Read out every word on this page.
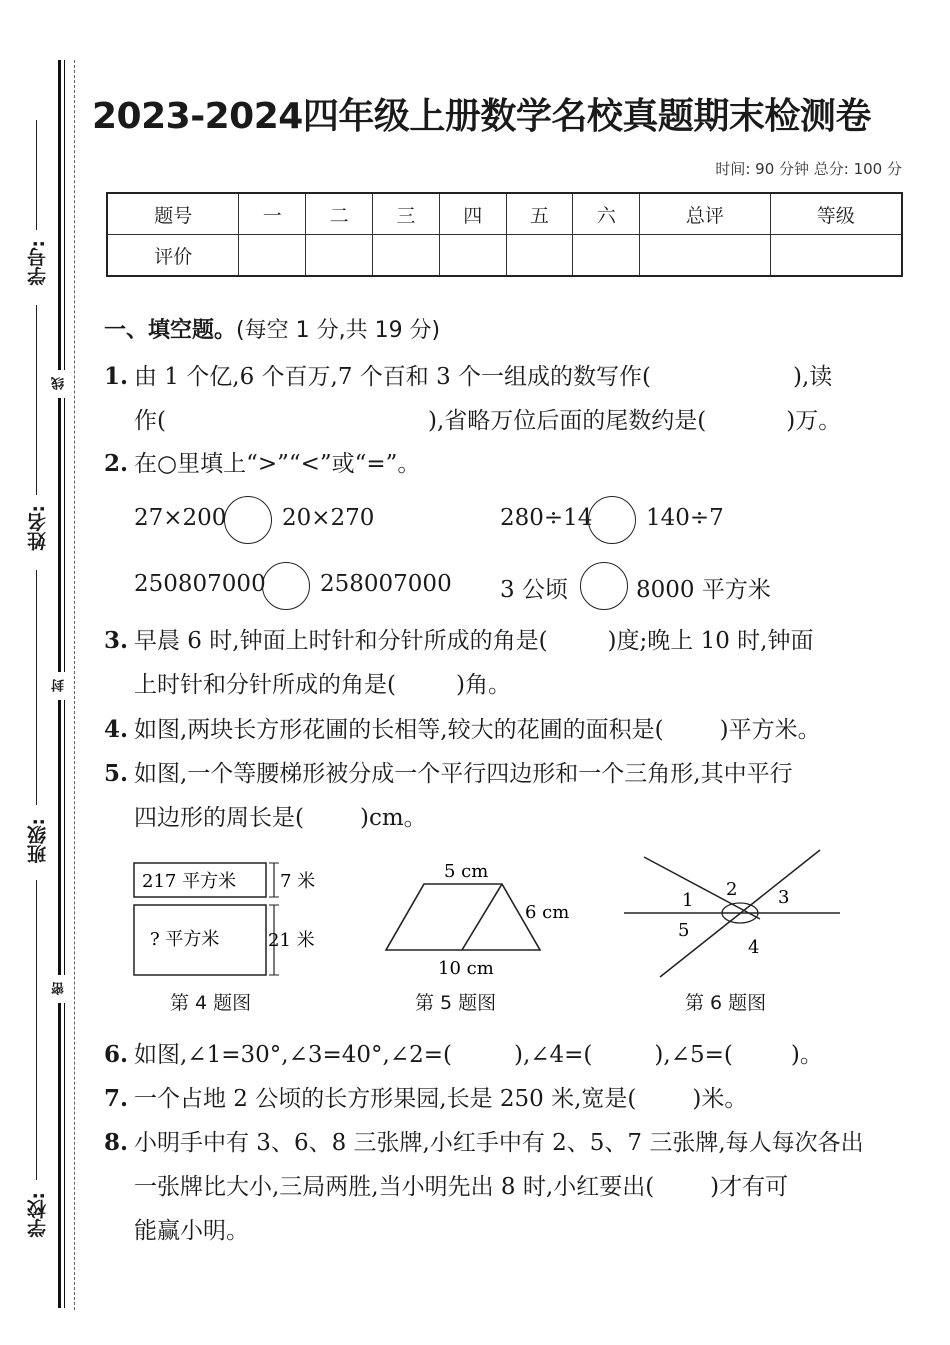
学号:
姓名:
班级:
学校:
线
封
密
2023-2024四年级上册数学名校真题期末检测卷
时间: 90 分钟 总分: 100 分
题号	一	二	三	四	五	六	总评	等级
评价								
一、填空题。(每空 1 分,共 19 分)
1. 由 1 个亿,6 个百万,7 个百和 3 个一组成的数写作(	),读
作(	),省略万位后面的尾数约是(	)万。
2. 在○里填上“>”“<”或“=”。
27×200 20×270	280÷14 140÷7
250807000 258007000 3 公顷	8000 平方米
3. 早晨 6 时,钟面上时针和分针所成的角是(	)度;晚上 10 时,钟面
上时针和分针所成的角是(	)角。
4. 如图,两块长方形花圃的长相等,较大的花圃的面积是( )平方米。
5. 如图,一个等腰梯形被分成一个平行四边形和一个三角形,其中平行
四边形的周长是( )cm。
217 平方米 7 米
? 平方米	21 米
第 4 题图
5 cm
6 cm
10 cm
第 5 题图
1
2 3
4
5
第 6 题图
6. 如图,∠1=30°,∠3=40°,∠2=(	),∠4=(	),∠5=(	)。
7. 一个占地 2 公顷的长方形果园,长是 250 米,宽是( )米。
8. 小明手中有 3、6、8 三张牌,小红手中有 2、5、7 三张牌,每人每次各出
一张牌比大小,三局两胜,当小明先出 8 时,小红要出( )才有可
能赢小明。
